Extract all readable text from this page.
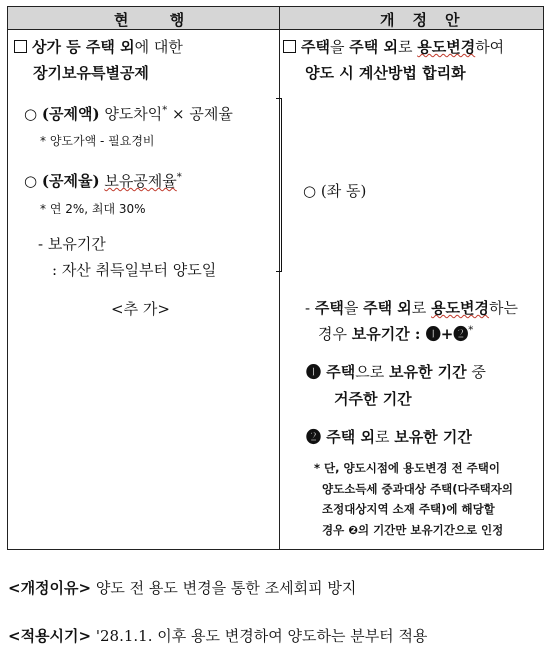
현 행	개정안
상가 등 주택 외에 대한
장기보유특별공제
○ (공제액) 양도차익* × 공제율
* 양도가액 - 필요경비
○ (공제율) 보유공제율*
* 연 2%, 최대 30%
- 보유기간
: 자산 취득일부터 양도일
<추 가>
주택을 주택 외로 용도변경하여
양도 시 계산방법 합리화
○ (좌 동)
- 주택을 주택 외로 용도변경하는
경우 보유기간 : ❶+❷*
❶ 주택으로 보유한 기간 중
거주한 기간
❷ 주택 외로 보유한 기간
* 단, 양도시점에 용도변경 전 주택이
양도소득세 중과대상 주택(다주택자의
조정대상지역 소재 주택)에 해당할
경우 ❷의 기간만 보유기간으로 인정
<개정이유> 양도 전 용도 변경을 통한 조세회피 방지
<적용시기> '28.1.1. 이후 용도 변경하여 양도하는 분부터 적용
